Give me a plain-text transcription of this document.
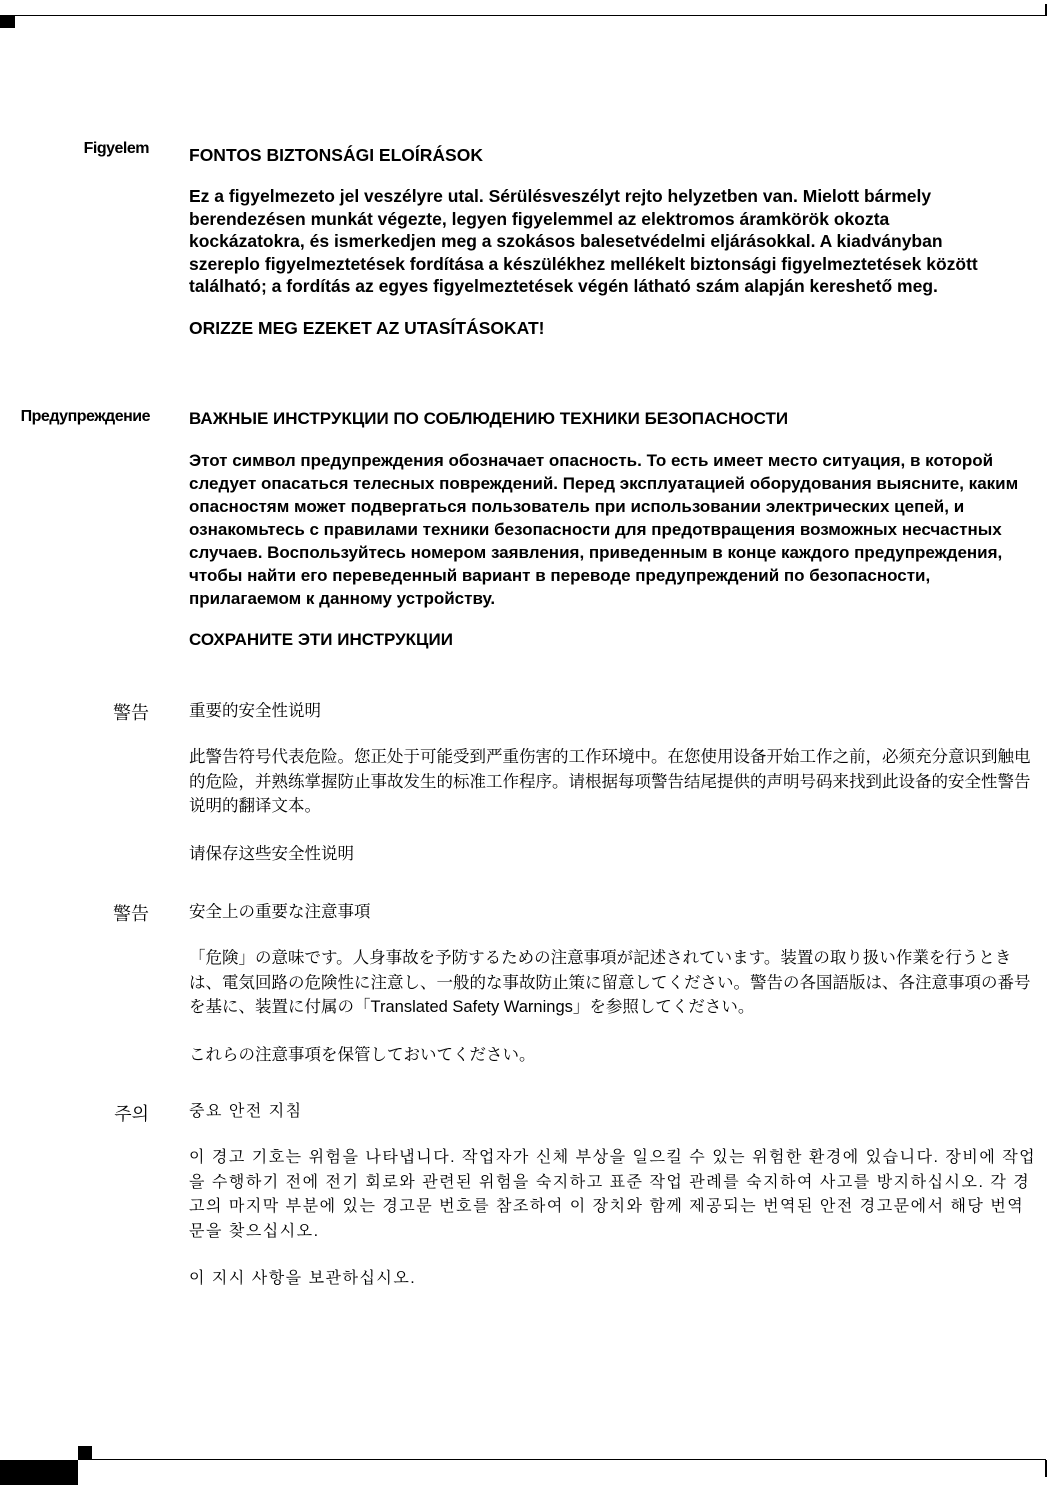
Figyelem FONTOS BIZTONSÁGI ELOÍRÁSOK

Ez a figyelmezeto jel veszélyre utal. Sérülésveszélyt rejto helyzetben van. Mielott bármely berendezésen munkát végezte, legyen figyelemmel az elektromos áramkörök okozta kockázatokra, és ismerkedjen meg a szokásos balesetvédelmi eljárásokkal. A kiadványban szereplo figyelmeztetések fordítása a készülékhez mellékelt biztonsági figyelmeztetések között található; a fordítás az egyes figyelmeztetések végén látható szám alapján kereshető meg.

ORIZZE MEG EZEKET AZ UTASÍTÁSOKAT!

Предупреждение ВАЖНЫЕ ИНСТРУКЦИИ ПО СОБЛЮДЕНИЮ ТЕХНИКИ БЕЗОПАСНОСТИ

Этот символ предупреждения обозначает опасность. То есть имеет место ситуация, в которой следует опасаться телесных повреждений. Перед эксплуатацией оборудования выясните, каким опасностям может подвергаться пользователь при использовании электрических цепей, и ознакомьтесь с правилами техники безопасности для предотвращения возможных несчастных случаев. Воспользуйтесь номером заявления, приведенным в конце каждого предупреждения, чтобы найти его переведенный вариант в переводе предупреждений по безопасности, прилагаемом к данному устройству.

СОХРАНИТЕ ЭТИ ИНСТРУКЦИИ

警告 重要的安全性说明

此警告符号代表危险。您正处于可能受到严重伤害的工作环境中。在您使用设备开始工作之前，必须充分意识到触电的危险，并熟练掌握防止事故发生的标准工作程序。请根据每项警告结尾提供的声明号码来找到此设备的安全性警告说明的翻译文本。

请保存这些安全性说明

警告 安全上の重要な注意事項

「危険」の意味です。人身事故を予防するための注意事項が記述されています。装置の取り扱い作業を行うときは、電気回路の危険性に注意し、一般的な事故防止策に留意してください。警告の各国語版は、各注意事項の番号を基に、装置に付属の「Translated Safety Warnings」を参照してください。

これらの注意事項を保管しておいてください。

주의	중요 안전 지침

이 경고 기호는 위험을 나타냅니다. 작업자가 신체 부상을 일으킬 수 있는 위험한 환경에 있습니다. 장비에 작업을 수행하기 전에 전기 회로와 관련된 위험을 숙지하고 표준 작업 관례를 숙지하여 사고를 방지하십시오. 각 경고의 마지막 부분에 있는 경고문 번호를 참조하여 이 장치와 함께 제공되는 번역된 안전 경고문에서 해당 번역문을 찾으십시오.

이 지시 사항을 보관하십시오.
